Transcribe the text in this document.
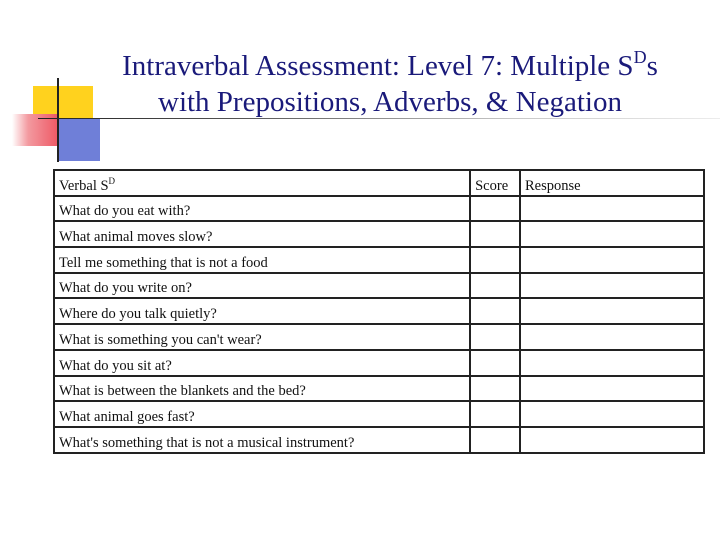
Intraverbal Assessment: Level 7: Multiple $S^Ds$
with Prepositions, Adverbs, & Negation
Verbal $S^D$	Score	Response
What do you eat with?		
What animal moves slow?		
Tell me something that is not a food		
What do you write on?		
Where do you talk quietly?		
What is something you can't wear?		
What do you sit at?		
What is between the blankets and the bed?		
What animal goes fast?		
What's something that is not a musical instrument?		
